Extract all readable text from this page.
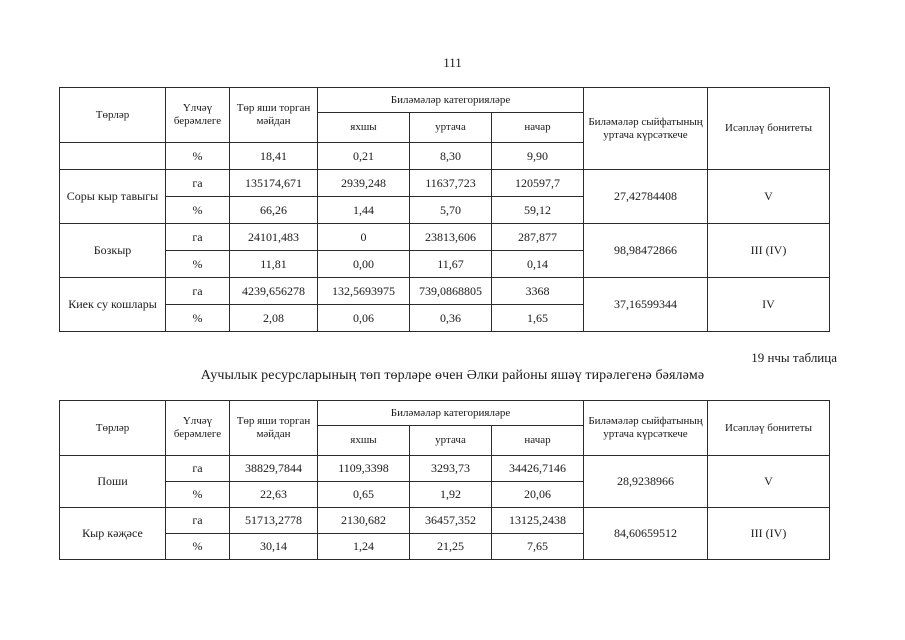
111
Төрләр	Үлчәү берәмлеге	Төр яши торган мәйдан	Биләмәләр категорияләре			Биләмәләр сыйфатының уртача күрсәткече	Исәпләү бонитеты
			яхшы	уртача	начар		
	%	18,41	0,21	8,30	9,90		
Соры кыр тавыгы	га	135174,671	2939,248	11637,723	120597,7	27,42784408	V
	%	66,26	1,44	5,70	59,12		
Бозкыр	га	24101,483	0	23813,606	287,877	98,98472866	III (IV)
	%	11,81	0,00	11,67	0,14		
Киек су кошлары	га	4239,656278	132,5693975	739,0868805	3368	37,16599344	IV
	%	2,08	0,06	0,36	1,65		
19 нчы таблица
Аучылык ресурсларының төп төрләре өчен Әлки районы яшәү тирәлегенә бәяләмә
Төрләр	Үлчәү берәмлеге	Төр яши торган мәйдан	Биләмәләр категорияләре			Биләмәләр сыйфатының уртача күрсәткече	Исәпләү бонитеты
			яхшы	уртача	начар		
Поши	га	38829,7844	1109,3398	3293,73	34426,7146	28,9238966	V
	%	22,63	0,65	1,92	20,06		
Кыр кәҗәсе	га	51713,2778	2130,682	36457,352	13125,2438	84,60659512	III (IV)
	%	30,14	1,24	21,25	7,65		
